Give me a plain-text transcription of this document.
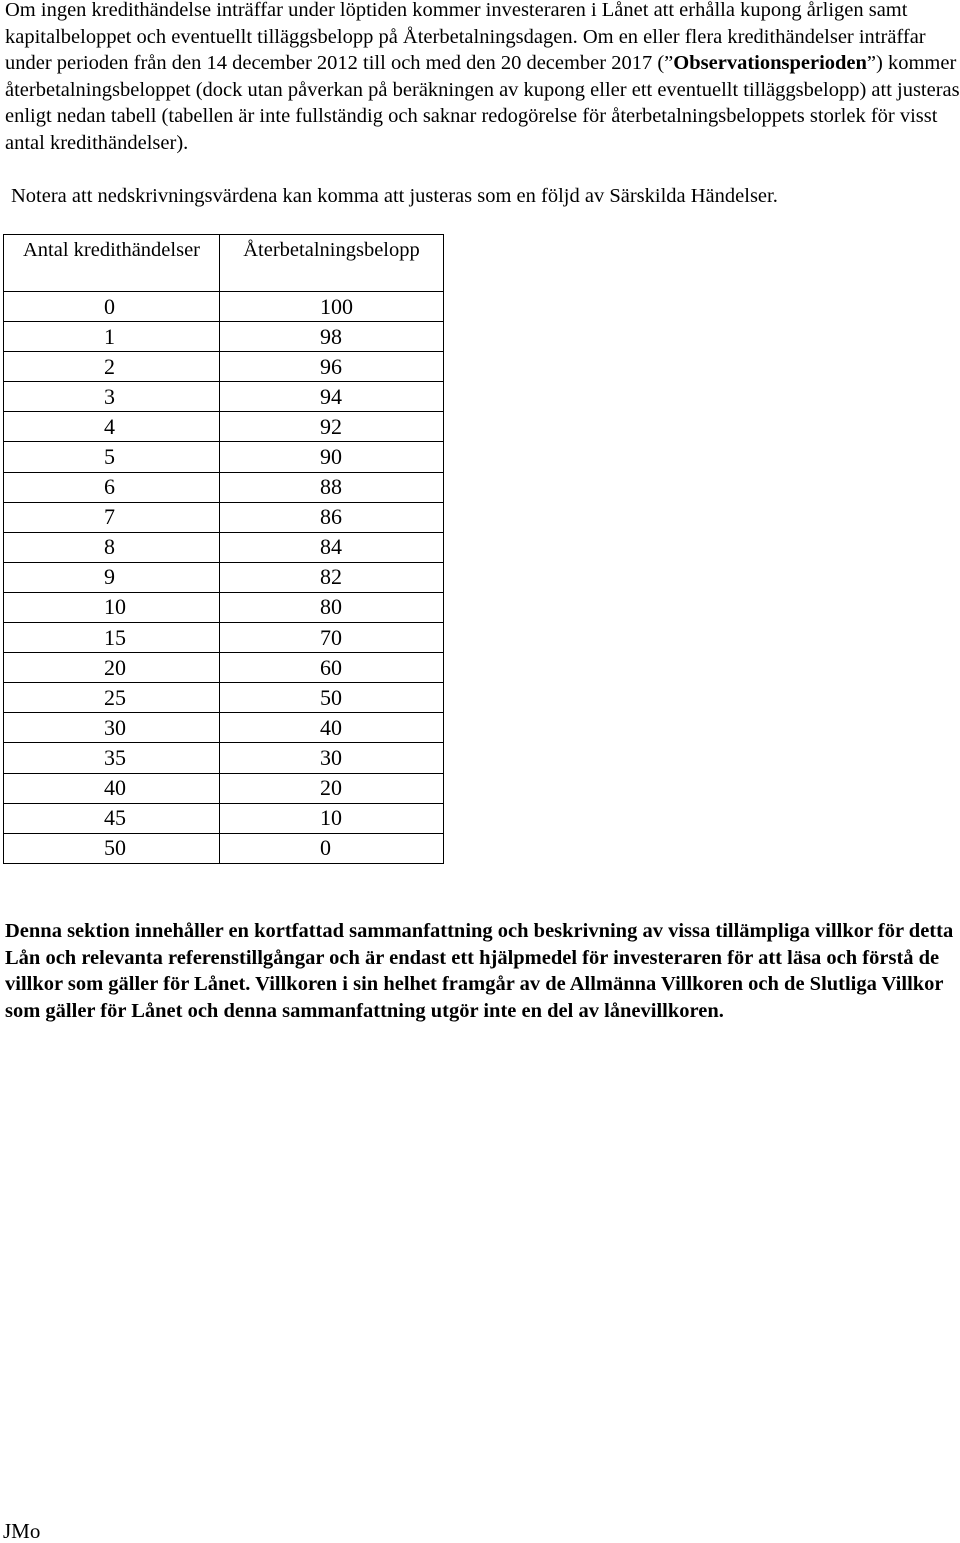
Om ingen kredithändelse inträffar under löptiden kommer investeraren i Lånet att erhålla kupong årligen samt kapitalbeloppet och eventuellt tilläggsbelopp på Återbetalningsdagen. Om en eller flera kredithändelser inträffar under perioden från den 14 december 2012 till och med den 20 december 2017 (”Observationsperioden”) kommer återbetalningsbeloppet (dock utan påverkan på beräkningen av kupong eller ett eventuellt tilläggsbelopp) att justeras enligt nedan tabell (tabellen är inte fullständig och saknar redogörelse för återbetalningsbeloppets storlek för visst antal kredithändelser).

Notera att nedskrivningsvärdena kan komma att justeras som en följd av Särskilda Händelser.

Antal kredithändelser	Återbetalningsbelopp
0	100
1	98
2	96
3	94
4	92
5	90
6	88
7	86
8	84
9	82
10	80
15	70
20	60
25	50
30	40
35	30
40	20
45	10
50	0

Denna sektion innehåller en kortfattad sammanfattning och beskrivning av vissa tillämpliga villkor för detta Lån och relevanta referenstillgångar och är endast ett hjälpmedel för investeraren för att läsa och förstå de villkor som gäller för Lånet. Villkoren i sin helhet framgår av de Allmänna Villkoren och de Slutliga Villkor som gäller för Lånet och denna sammanfattning utgör inte en del av lånevillkoren.

JMo
